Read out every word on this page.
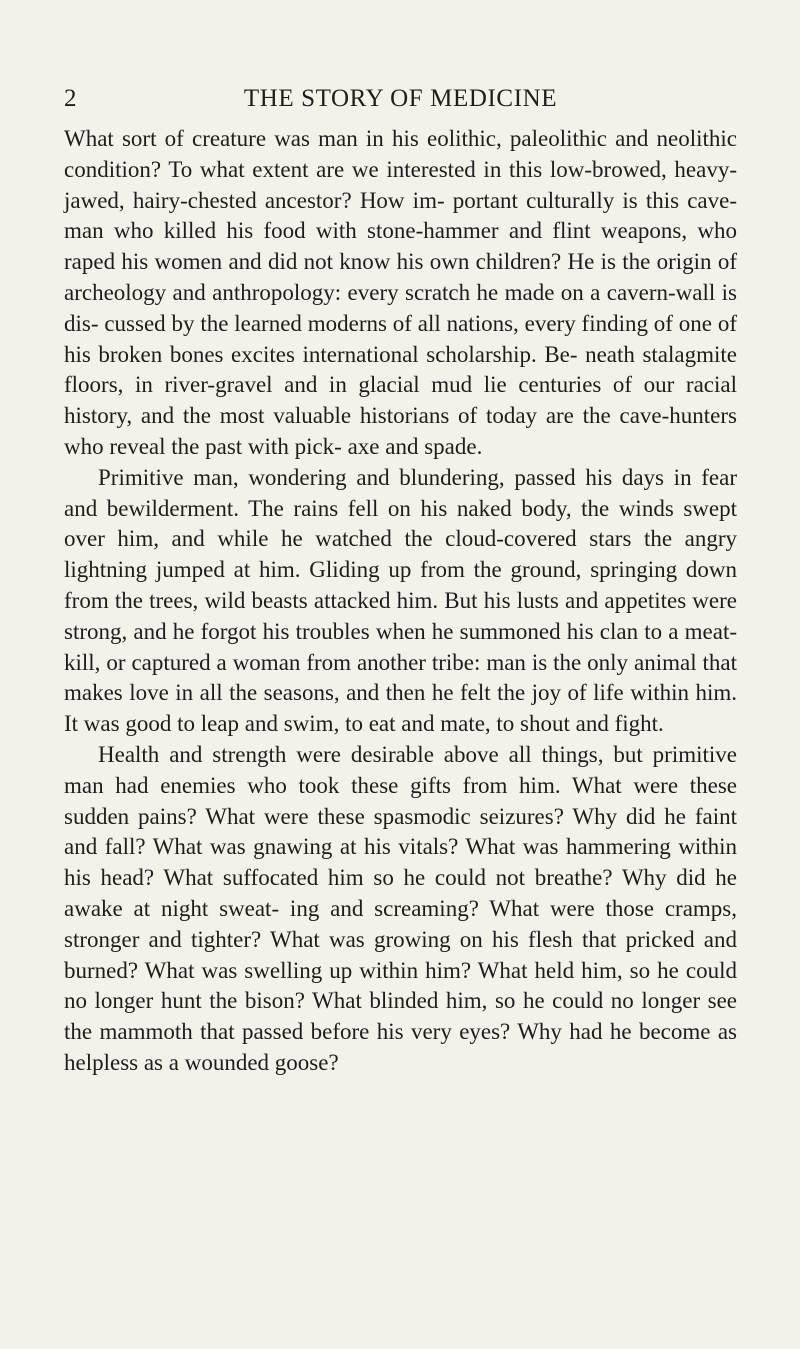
2	THE STORY OF MEDICINE

What sort of creature was man in his eolithic, paleolithic and neolithic condition? To what extent are we interested in this low-browed, heavy-jawed, hairy-chested ancestor? How im- portant culturally is this cave-man who killed his food with stone-hammer and flint weapons, who raped his women and did not know his own children? He is the origin of archeology and anthropology: every scratch he made on a cavern-wall is dis- cussed by the learned moderns of all nations, every finding of one of his broken bones excites international scholarship. Be- neath stalagmite floors, in river-gravel and in glacial mud lie centuries of our racial history, and the most valuable historians of today are the cave-hunters who reveal the past with pick- axe and spade.

Primitive man, wondering and blundering, passed his days in fear and bewilderment. The rains fell on his naked body, the winds swept over him, and while he watched the cloud-covered stars the angry lightning jumped at him. Gliding up from the ground, springing down from the trees, wild beasts attacked him. But his lusts and appetites were strong, and he forgot his troubles when he summoned his clan to a meat-kill, or captured a woman from another tribe: man is the only animal that makes love in all the seasons, and then he felt the joy of life within him. It was good to leap and swim, to eat and mate, to shout and fight.

Health and strength were desirable above all things, but primitive man had enemies who took these gifts from him. What were these sudden pains? What were these spasmodic seizures? Why did he faint and fall? What was gnawing at his vitals? What was hammering within his head? What suffocated him so he could not breathe? Why did he awake at night sweat- ing and screaming? What were those cramps, stronger and tighter? What was growing on his flesh that pricked and burned? What was swelling up within him? What held him, so he could no longer hunt the bison? What blinded him, so he could no longer see the mammoth that passed before his very eyes? Why had he become as helpless as a wounded goose?
